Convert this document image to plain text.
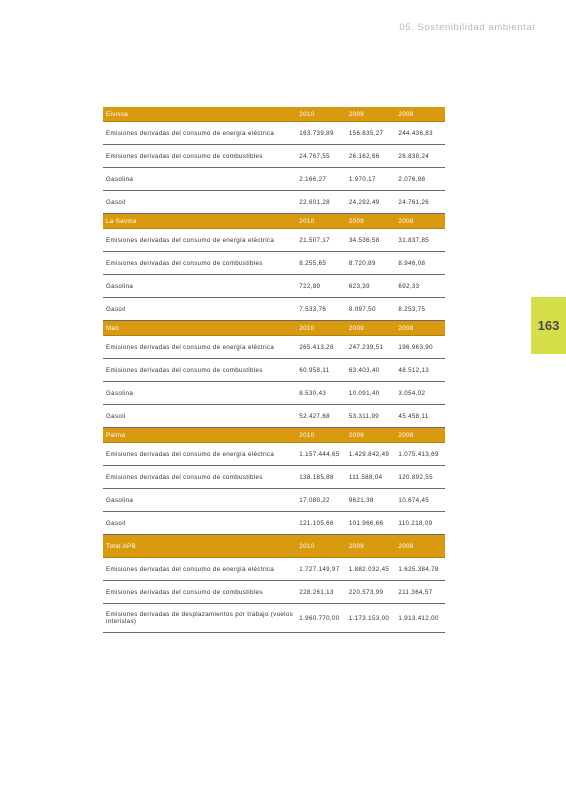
05. Sostenibilidad ambiental
163
Eivissa	2010	2009	2008
Emisiones derivadas del consumo de energía eléctrica	163.739,89	156.635,27	244.436,83
Emisiones derivadas del consumo de combustibles	24.767,55	26.162,66	26.838,24
Gasolina	2.166,27	1.970,17	2.076,98
Gasoil	22.601,28	24.292,49	24.761,26
La Savina	2010	2009	2008
Emisiones derivadas del consumo de energía eléctrica	21.507,17	34.536,58	31.837,85
Emisiones derivadas del consumo de combustibles	8.255,65	8.720,89	8.946,08
Gasolina	722,89	623,39	692,33
Gasoil	7.533,76	8.097,50	8.253,75
Maó	2010	2009	2008
Emisiones derivadas del consumo de energía eléctrica	265.413,28	247.239,51	196.963,90
Emisiones derivadas del consumo de combustibles	60.958,11	63.403,40	48.512,13
Gasolina	8.530,43	10.091,40	3.054,02
Gasoil	52.427,68	53.311,99	45.458,11
Palma	2010	2009	2008
Emisiones derivadas del consumo de energía eléctrica	1.157.444,65	1.429.842,49	1.075.413,69
Emisiones derivadas del consumo de combustibles	138.185,88	111.588,04	120.892,55
Gasolina	17.080,22	9621,38	10.674,45
Gasoil	121.105,66	101.966,66	110.218,09
Total APB	2010	2009	2008
Emisiones derivadas del consumo de energía eléctrica	1.727.149,97	1.882.032,45	1.625.384,78
Emisiones derivadas del consumo de combustibles	228.261,13	220.573,99	211.364,57
Emisiones derivadas de desplazamientos por trabajo (vuelos interislas)	1.960.770,00	1.173.153,00	1.913.412,00
